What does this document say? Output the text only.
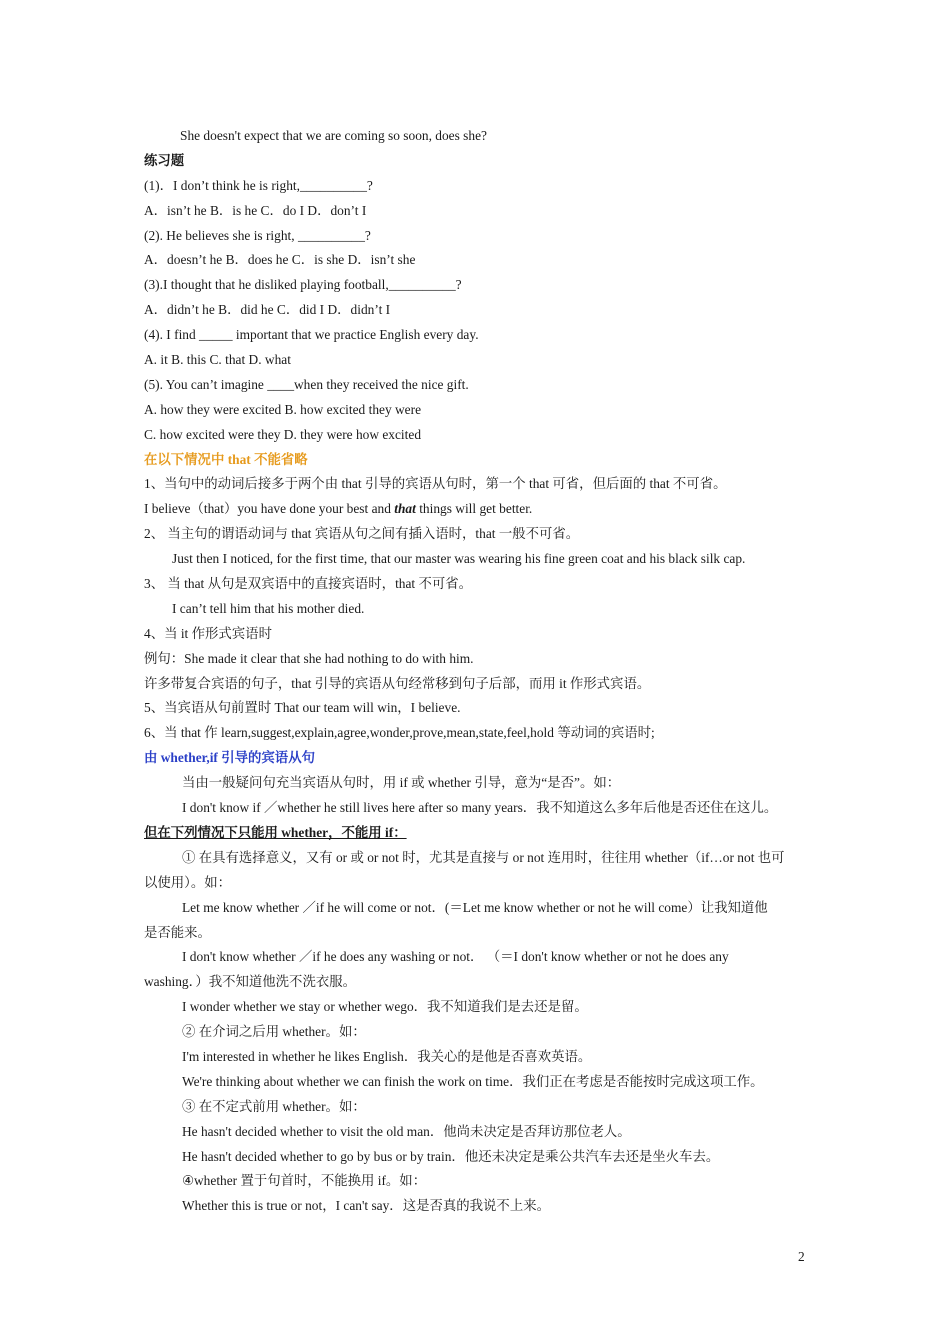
She doesn't expect that we are coming so soon, does she?
练习题
(1)．I don’t think he is right,__________?
A．isn’t he B．is he C．do I D．don’t I
(2). He believes she is right, __________?
A．doesn’t he B．does he C．is she D．isn’t she
(3).I thought that he disliked playing football,__________?
A．didn’t he B．did he C．did I D．didn’t I
(4). I find _____ important that we practice English every day.
A. it B. this C. that D. what
(5). You can’t imagine ____when they received the nice gift.
A. how they were excited B. how excited they were
C. how excited were they D. they were how excited
在以下情况中 that 不能省略
1、当句中的动词后接多于两个由 that 引导的宾语从句时，第一个 that 可省，但后面的 that 不可省。
I believe（that）you have done your best and that things will get better.
2、 当主句的谓语动词与 that 宾语从句之间有插入语时，that 一般不可省。
Just then I noticed, for the first time, that our master was wearing his fine green coat and his black silk cap.
3、 当 that 从句是双宾语中的直接宾语时，that 不可省。
I can’t tell him that his mother died.
4、当 it 作形式宾语时
例句：She made it clear that she had nothing to do with him.
许多带复合宾语的句子，that 引导的宾语从句经常移到句子后部，而用 it 作形式宾语。
5、当宾语从句前置时 That our team will win，I believe.
6、当 that 作 learn,suggest,explain,agree,wonder,prove,mean,state,feel,hold 等动词的宾语时;
由 whether,if 引导的宾语从句
当由一般疑问句充当宾语从句时，用 if 或 whether 引导，意为“是否”。如：
I don't know if ／whether he still lives here after so many years．我不知道这么多年后他是否还住在这儿。
但在下列情况下只能用 whether，不能用 if：
① 在具有选择意义，又有 or 或 or not 时，尤其是直接与 or not 连用时，往往用 whether（if…or not 也可
以使用）。如：
Let me know whether ／if he will come or not．(＝Let me know whether or not he will come）让我知道他
是否能来。
I don't know whether ／if he does any washing or not． （＝I don't know whether or not he does any
washing．）我不知道他洗不洗衣服。
I wonder whether we stay or whether wego．我不知道我们是去还是留。
② 在介词之后用 whether。如：
I'm interested in whether he likes English．我关心的是他是否喜欢英语。
We're thinking about whether we can finish the work on time．我们正在考虑是否能按时完成这项工作。
③ 在不定式前用 whether。如：
He hasn't decided whether to visit the old man．他尚未决定是否拜访那位老人。
He hasn't decided whether to go by bus or by train．他还未决定是乘公共汽车去还是坐火车去。
④whether 置于句首时，不能换用 if。如：
Whether this is true or not，I can't say．这是否真的我说不上来。
2
